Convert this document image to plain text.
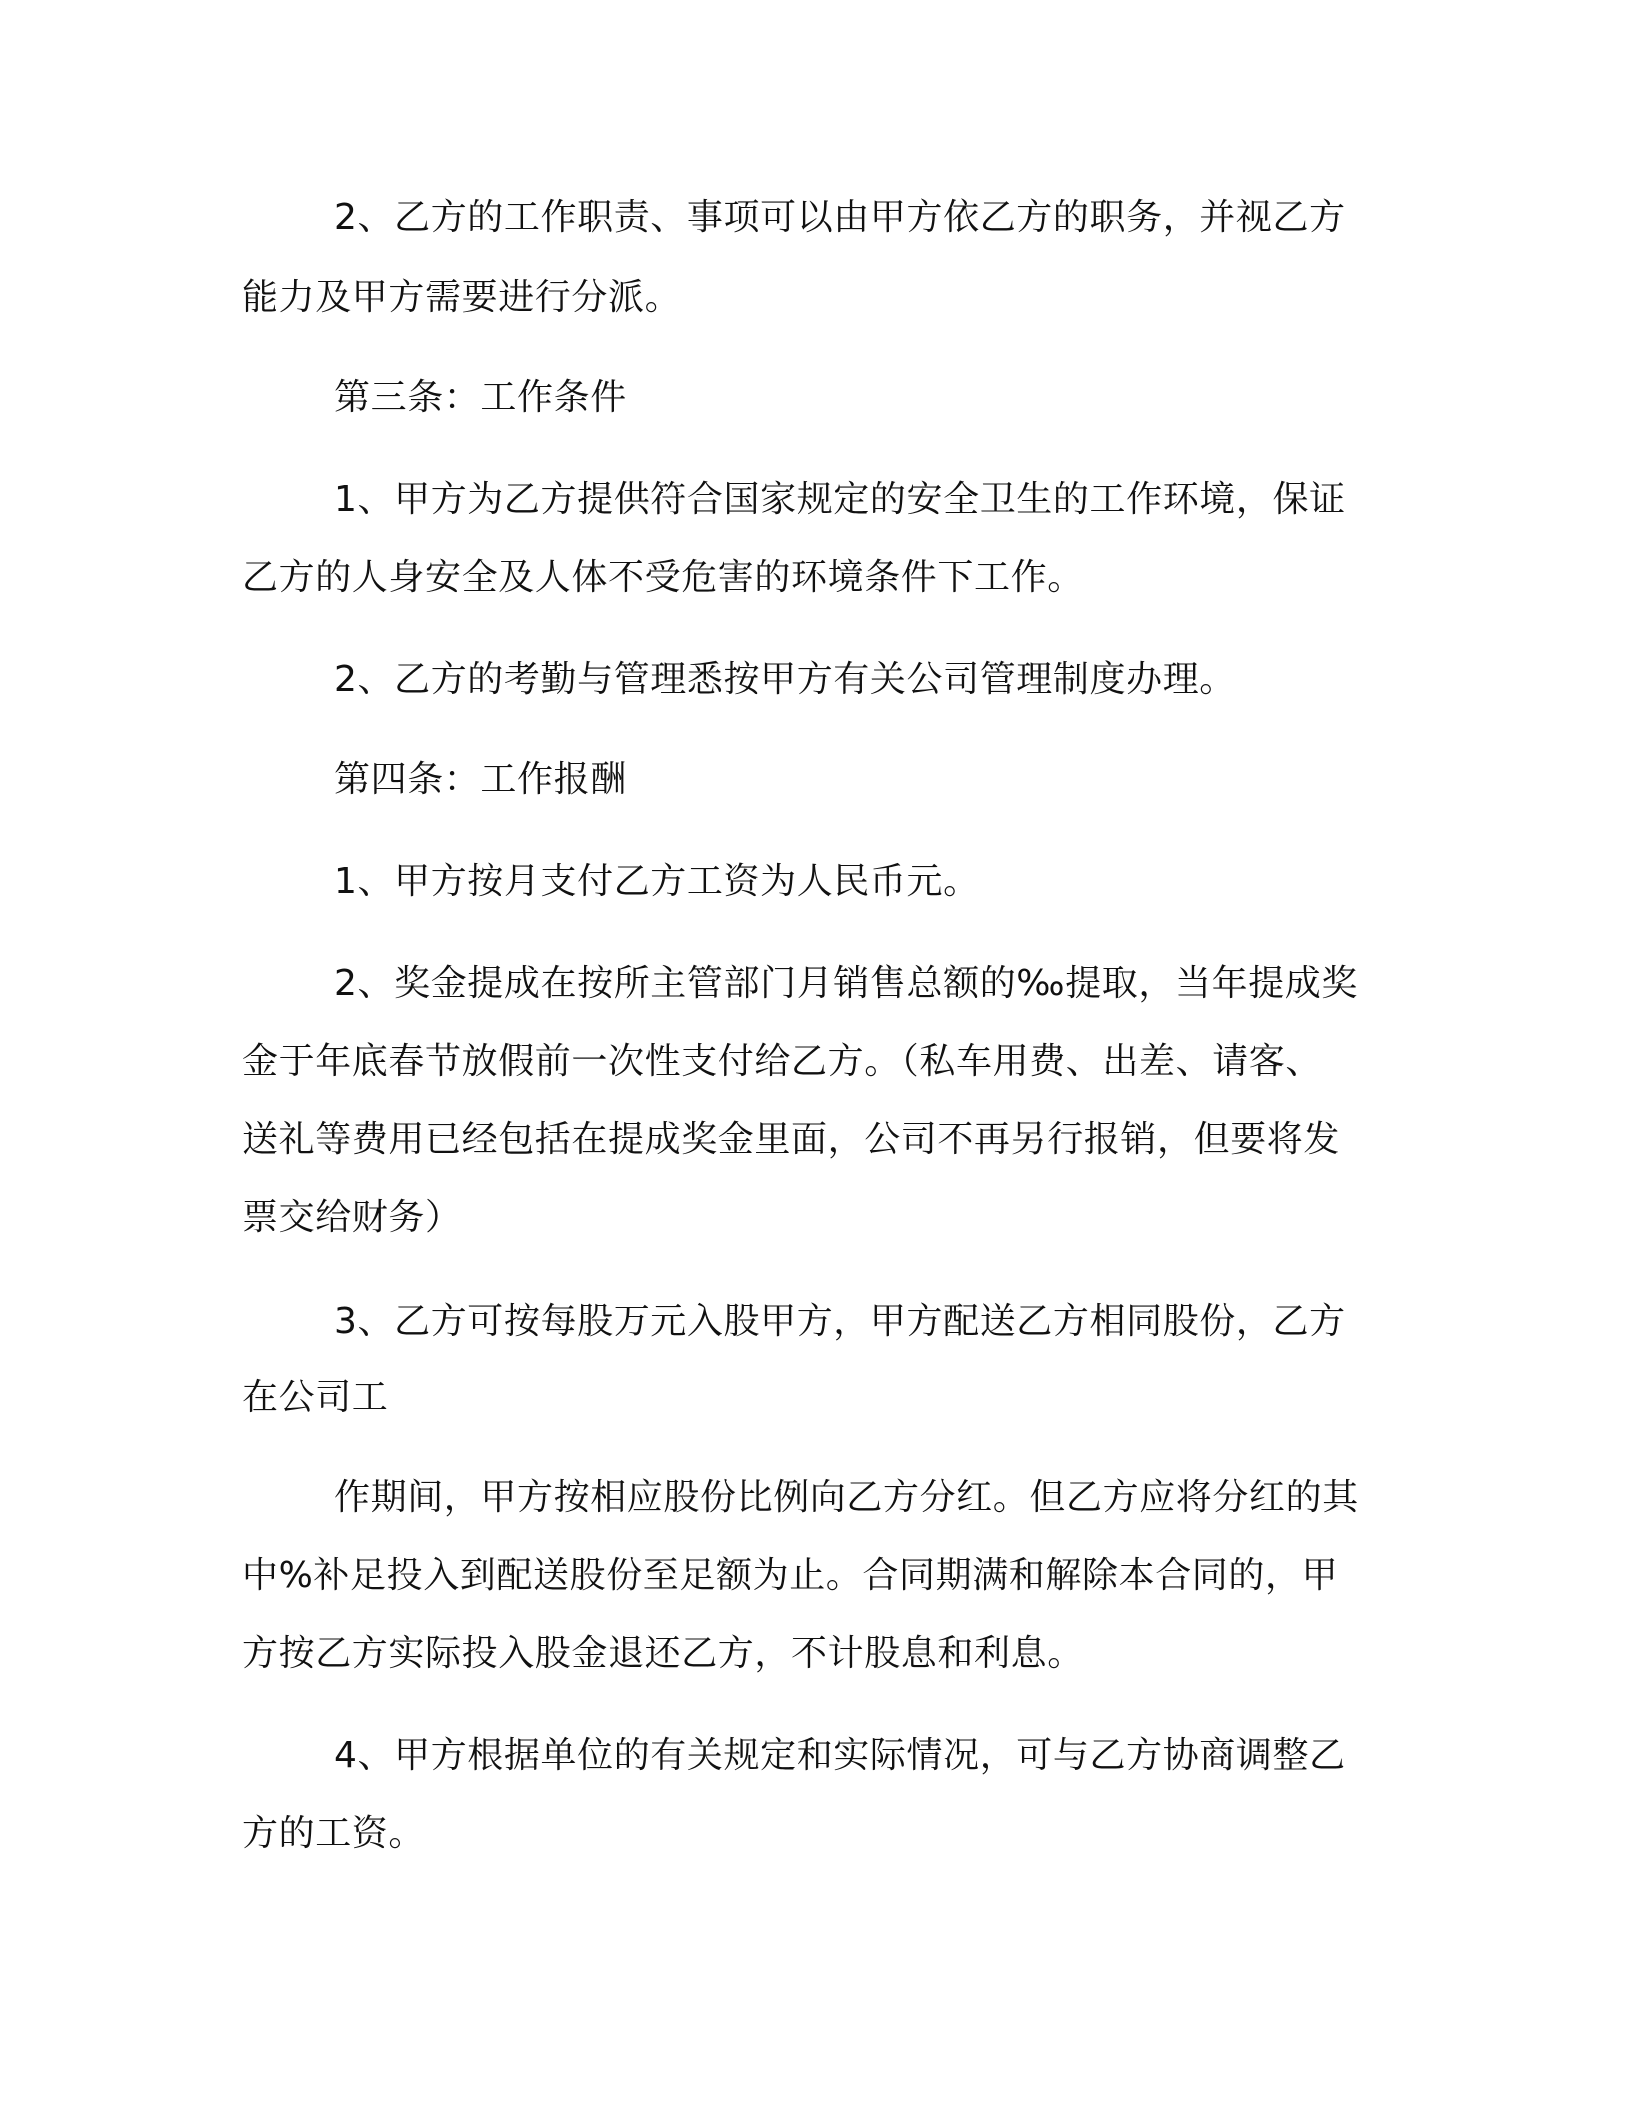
2、乙方的工作职责、事项可以由甲方依乙方的职务，并视乙方
能力及甲方需要进行分派。
第三条：工作条件
1、甲方为乙方提供符合国家规定的安全卫生的工作环境，保证
乙方的人身安全及人体不受危害的环境条件下工作。
2、乙方的考勤与管理悉按甲方有关公司管理制度办理。
第四条：工作报酬
1、甲方按月支付乙方工资为人民币元。
2、奖金提成在按所主管部门月销售总额的‰提取，当年提成奖
金于年底春节放假前一次性支付给乙方。（私车用费、出差、请客、
送礼等费用已经包括在提成奖金里面，公司不再另行报销，但要将发
票交给财务）
3、乙方可按每股万元入股甲方，甲方配送乙方相同股份，乙方
在公司工
作期间，甲方按相应股份比例向乙方分红。但乙方应将分红的其
中%补足投入到配送股份至足额为止。合同期满和解除本合同的，甲
方按乙方实际投入股金退还乙方，不计股息和利息。
4、甲方根据单位的有关规定和实际情况，可与乙方协商调整乙
方的工资。
